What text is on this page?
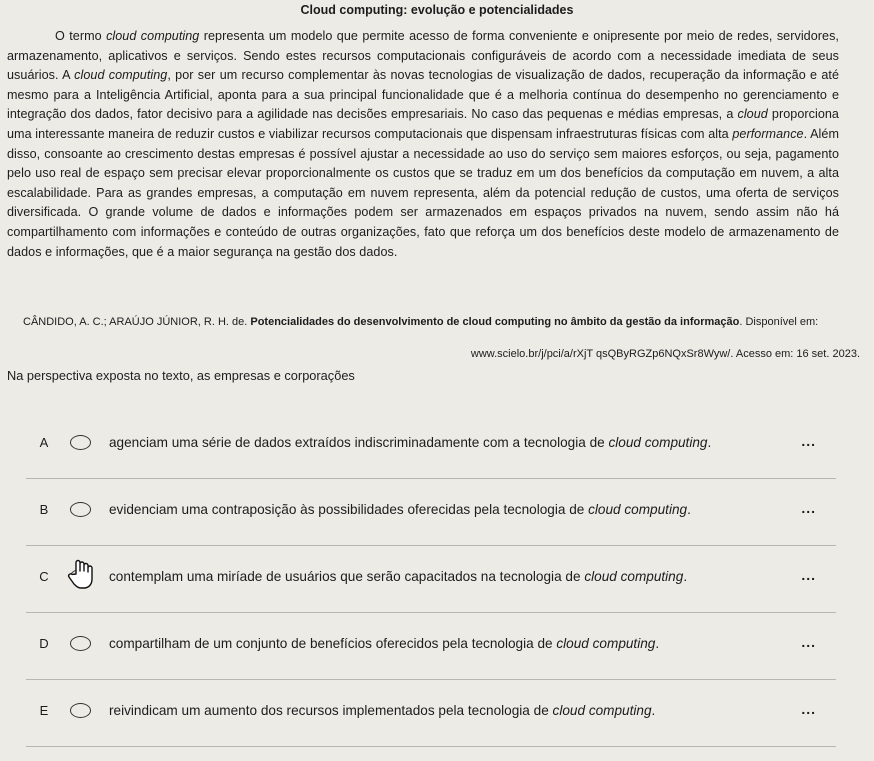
Cloud computing: evolução e potencialidades
O termo cloud computing representa um modelo que permite acesso de forma conveniente e onipresente por meio de redes, servidores, armazenamento, aplicativos e serviços. Sendo estes recursos computacionais configuráveis de acordo com a necessidade imediata de seus usuários. A cloud computing, por ser um recurso complementar às novas tecnologias de visualização de dados, recuperação da informação e até mesmo para a Inteligência Artificial, aponta para a sua principal funcionalidade que é a melhoria contínua do desempenho no gerenciamento e integração dos dados, fator decisivo para a agilidade nas decisões empresariais. No caso das pequenas e médias empresas, a cloud proporciona uma interessante maneira de reduzir custos e viabilizar recursos computacionais que dispensam infraestruturas físicas com alta performance. Além disso, consoante ao crescimento destas empresas é possível ajustar a necessidade ao uso do serviço sem maiores esforços, ou seja, pagamento pelo uso real de espaço sem precisar elevar proporcionalmente os custos que se traduz em um dos benefícios da computação em nuvem, a alta escalabilidade. Para as grandes empresas, a computação em nuvem representa, além da potencial redução de custos, uma oferta de serviços diversificada. O grande volume de dados e informações podem ser armazenados em espaços privados na nuvem, sendo assim não há compartilhamento com informações e conteúdo de outras organizações, fato que reforça um dos benefícios deste modelo de armazenamento de dados e informações, que é a maior segurança na gestão dos dados.
CÂNDIDO, A. C.; ARAÚJO JÚNIOR, R. H. de. Potencialidades do desenvolvimento de cloud computing no âmbito da gestão da informação. Disponível em:
www.scielo.br/j/pci/a/rXjT qsQByRGZp6NQxSr8Wyw/. Acesso em: 16 set. 2023.
Na perspectiva exposta no texto, as empresas e corporações
A	agenciam uma série de dados extraídos indiscriminadamente com a tecnologia de cloud computing.	...
B	evidenciam uma contraposição às possibilidades oferecidas pela tecnologia de cloud computing.	...
C	contemplam uma miríade de usuários que serão capacitados na tecnologia de cloud computing.	...
D	compartilham de um conjunto de benefícios oferecidos pela tecnologia de cloud computing.	...
E	reivindicam um aumento dos recursos implementados pela tecnologia de cloud computing.	...
